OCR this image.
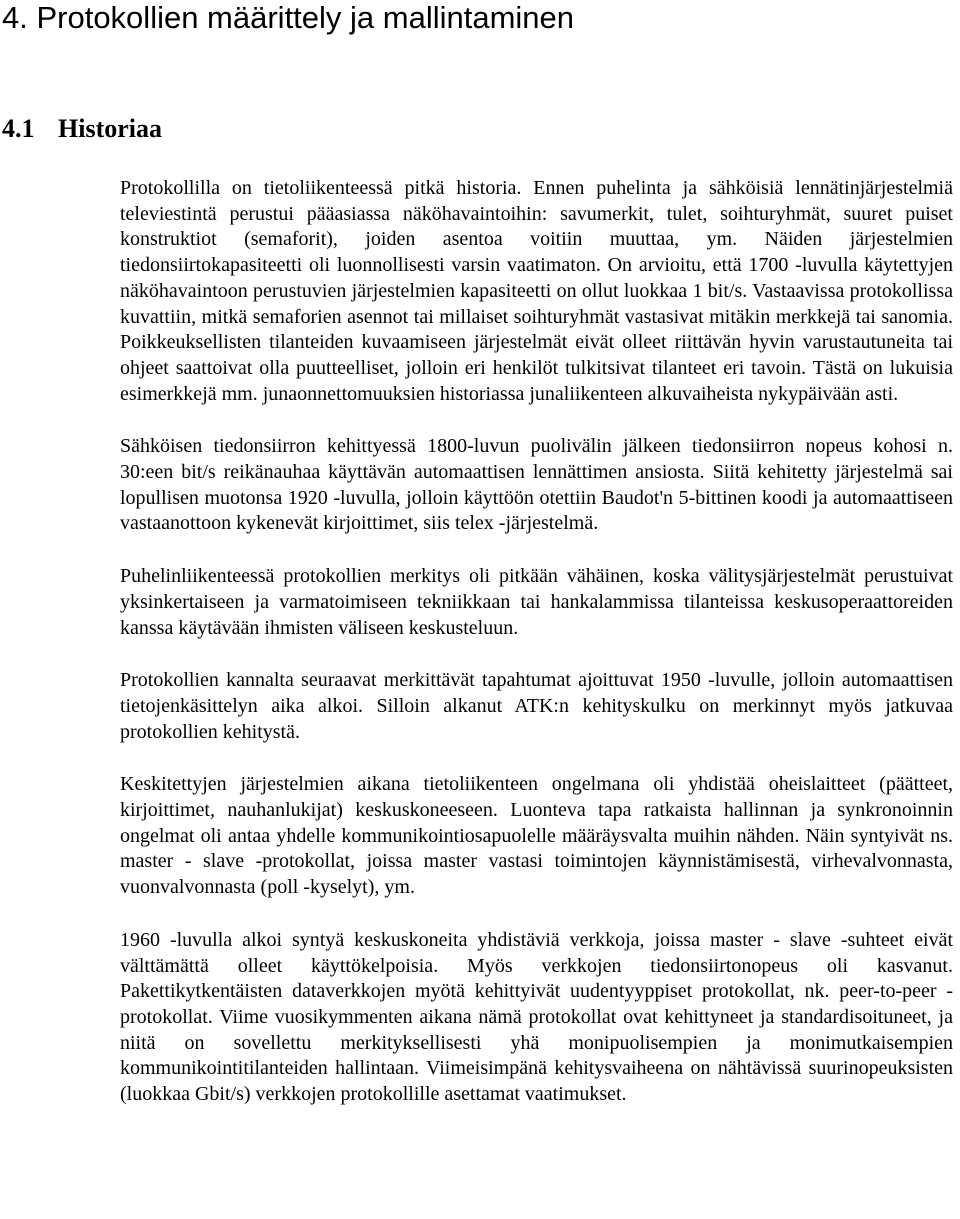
4. Protokollien määrittely ja mallintaminen
4.1 Historiaa

Protokollilla on tietoliikenteessä pitkä historia. Ennen puhelinta ja sähköisiä lennätinjärjestelmiä televiestintä perustui pääasiassa näköhavaintoihin: savumerkit, tulet, soihturyhmät, suuret puiset konstruktiot (semaforit), joiden asentoa voitiin muuttaa, ym. Näiden järjestelmien tiedonsiirtokapasiteetti oli luonnollisesti varsin vaatimaton. On arvioitu, että 1700 -luvulla käytettyjen näköhavaintoon perustuvien järjestelmien kapasiteetti on ollut luokkaa 1 bit/s. Vastaavissa protokollissa kuvattiin, mitkä semaforien asennot tai millaiset soihturyhmät vastasivat mitäkin merkkejä tai sanomia. Poikkeuksellisten tilanteiden kuvaamiseen järjestelmät eivät olleet riittävän hyvin varustautuneita tai ohjeet saattoivat olla puutteelliset, jolloin eri henkilöt tulkitsivat tilanteet eri tavoin. Tästä on lukuisia esimerkkejä mm. junaonnettomuuksien historiassa junaliikenteen alkuvaiheista nykypäivään asti.

Sähköisen tiedonsiirron kehittyessä 1800-luvun puolivälin jälkeen tiedonsiirron nopeus kohosi n. 30:een bit/s reikänauhaa käyttävän automaattisen lennättimen ansiosta. Siitä kehitetty järjestelmä sai lopullisen muotonsa 1920 -luvulla, jolloin käyttöön otettiin Baudot'n 5-bittinen koodi ja automaattiseen vastaanottoon kykenevät kirjoittimet, siis telex -järjestelmä.

Puhelinliikenteessä protokollien merkitys oli pitkään vähäinen, koska välitysjärjestelmät perustuivat yksinkertaiseen ja varmatoimiseen tekniikkaan tai hankalammissa tilanteissa keskusoperaattoreiden kanssa käytävään ihmisten väliseen keskusteluun.

Protokollien kannalta seuraavat merkittävät tapahtumat ajoittuvat 1950 -luvulle, jolloin automaattisen tietojenkäsittelyn aika alkoi. Silloin alkanut ATK:n kehityskulku on merkinnyt myös jatkuvaa protokollien kehitystä.

Keskitettyjen järjestelmien aikana tietoliikenteen ongelmana oli yhdistää oheislaitteet (päätteet, kirjoittimet, nauhanlukijat) keskuskoneeseen. Luonteva tapa ratkaista hallinnan ja synkronoinnin ongelmat oli antaa yhdelle kommunikointiosapuolelle määräysvalta muihin nähden. Näin syntyivät ns. master - slave -protokollat, joissa master vastasi toimintojen käynnistämisestä, virhevalvonnasta, vuonvalvonnasta (poll -kyselyt), ym.

1960 -luvulla alkoi syntyä keskuskoneita yhdistäviä verkkoja, joissa master - slave -suhteet eivät välttämättä olleet käyttökelpoisia. Myös verkkojen tiedonsiirtonopeus oli kasvanut. Pakettikytkentäisten dataverkkojen myötä kehittyivät uudentyyppiset protokollat, nk. peer-to-peer -protokollat. Viime vuosikymmenten aikana nämä protokollat ovat kehittyneet ja standardisoituneet, ja niitä on sovellettu merkityksellisesti yhä monipuolisempien ja monimutkaisempien kommunikointitilanteiden hallintaan. Viimeisimpänä kehitysvaiheena on nähtävissä suurinopeuksisten (luokkaa Gbit/s) verkkojen protokollille asettamat vaatimukset.
